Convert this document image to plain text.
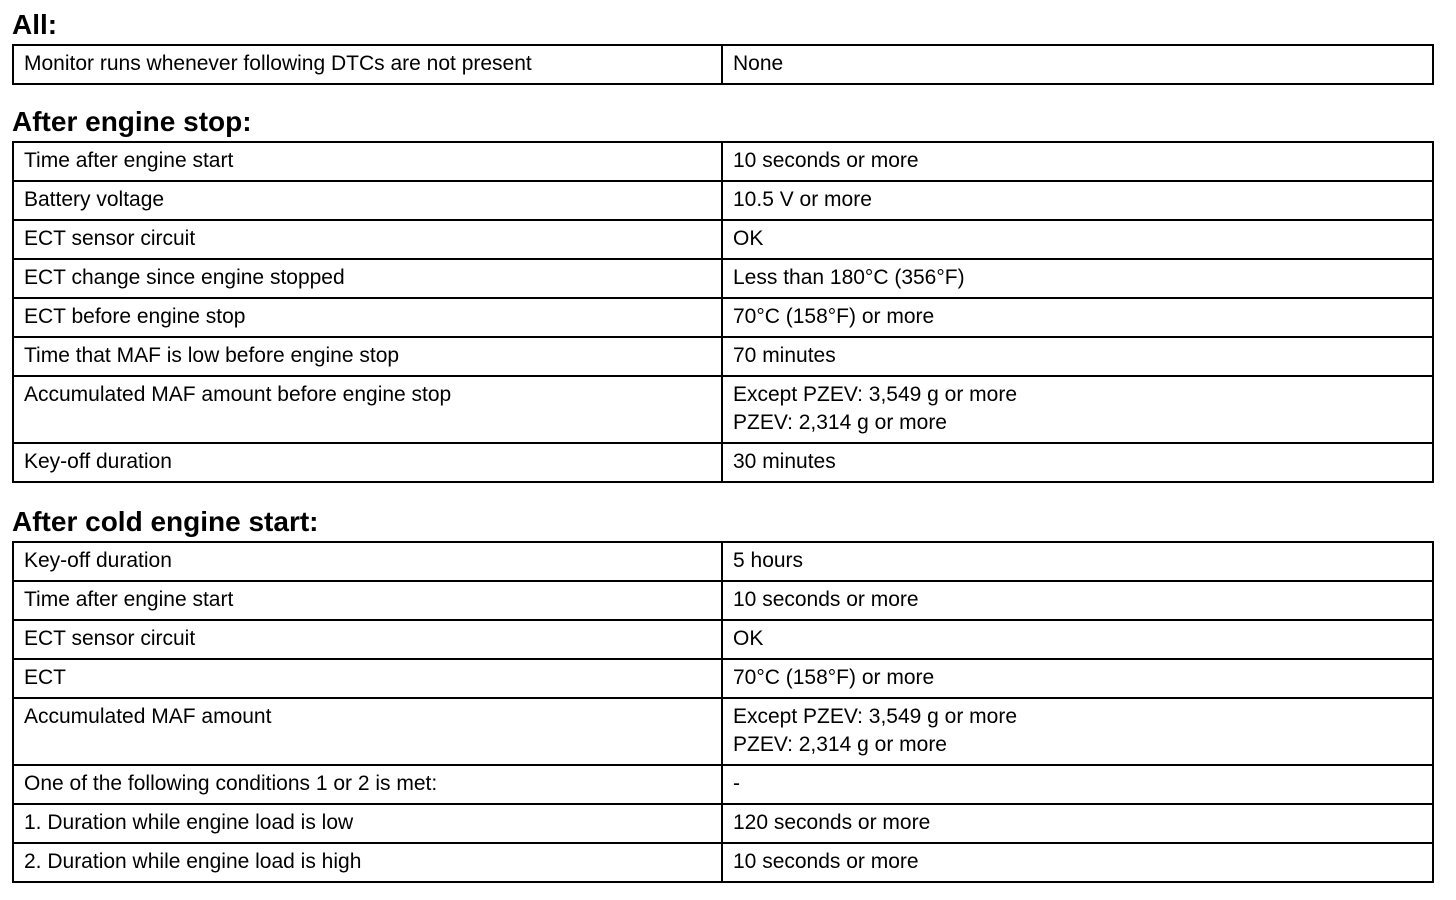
All:
Monitor runs whenever following DTCs are not present	None
After engine stop:
Time after engine start	10 seconds or more
Battery voltage	10.5 V or more
ECT sensor circuit	OK
ECT change since engine stopped	Less than 180°C (356°F)
ECT before engine stop	70°C (158°F) or more
Time that MAF is low before engine stop	70 minutes
Accumulated MAF amount before engine stop	Except PZEV: 3,549 g or more
PZEV: 2,314 g or more
Key-off duration	30 minutes
After cold engine start:
Key-off duration	5 hours
Time after engine start	10 seconds or more
ECT sensor circuit	OK
ECT	70°C (158°F) or more
Accumulated MAF amount	Except PZEV: 3,549 g or more
PZEV: 2,314 g or more
One of the following conditions 1 or 2 is met:	-
1. Duration while engine load is low	120 seconds or more
2. Duration while engine load is high	10 seconds or more
